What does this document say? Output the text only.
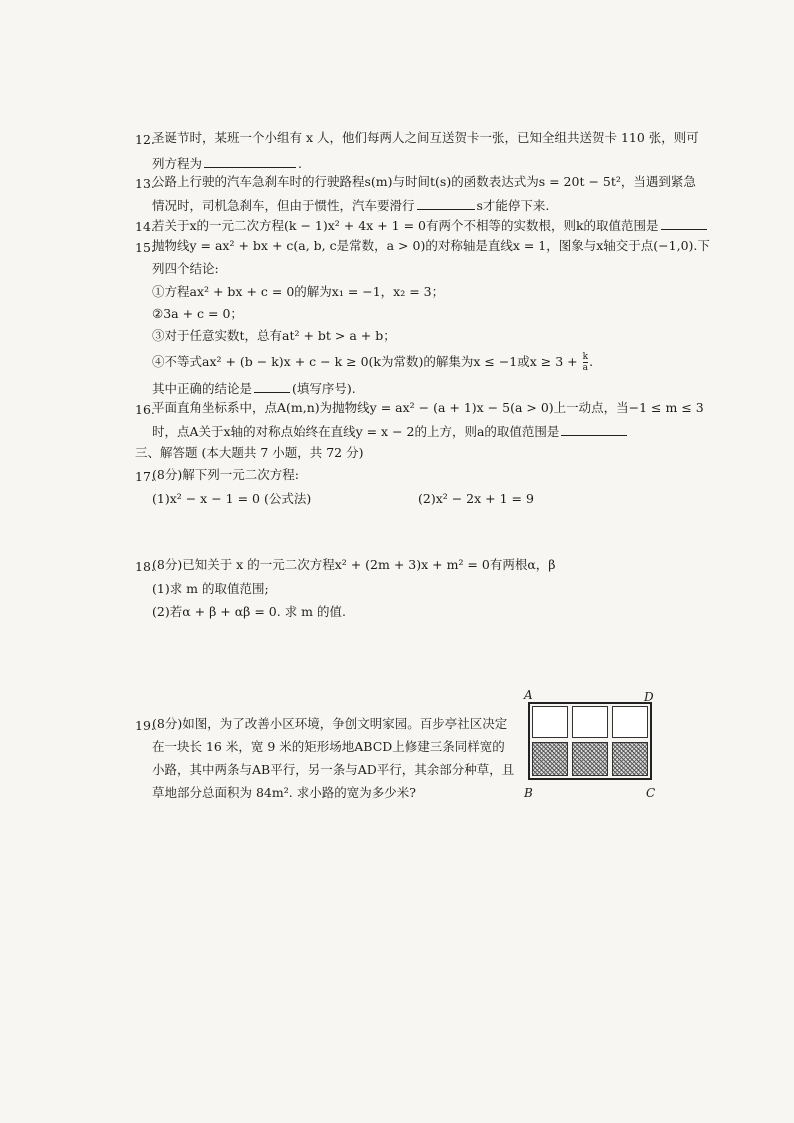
12.
圣诞节时，某班一个小组有 x 人，他们每两人之间互送贺卡一张，已知全组共送贺卡 110 张，则可
列方程为	.
13.
公路上行驶的汽车急刹车时的行驶路程s(m)与时间t(s)的函数表达式为s = 20t − 5t²，当遇到紧急
情况时，司机急刹车，但由于惯性，汽车要滑行	s才能停下来.
14.
若关于x的一元二次方程(k − 1)x² + 4x + 1 = 0有两个不相等的实数根，则k的取值范围是
15.
抛物线y = ax² + bx + c(a, b, c是常数，a > 0)的对称轴是直线x = 1，图象与x轴交于点(−1,0).下
列四个结论:
①方程ax² + bx + c = 0的解为x₁ = −1，x₂ = 3；
②3a + c = 0；
③对于任意实数t，总有at² + bt > a + b；
④不等式ax² + (b − k)x + c − k ≥ 0(k为常数)的解集为x ≤ −1或$x \ge 3 + \frac{k}{a}$ .
其中正确的结论是	(填写序号).
16.
平面直角坐标系中，点A(m,n)为抛物线y = ax² − (a + 1)x − 5(a > 0)上一动点，当−1 ≤ m ≤ 3
时，点A关于x轴的对称点始终在直线y = x − 2的上方，则a的取值范围是
三、解答题 (本大题共 7 小题，共 72 分)
17.
(8分)解下列一元二次方程:
(1)x² − x − 1 = 0 (公式法)	(2)x² − 2x + 1 = 9
18.
(8分)已知关于 x 的一元二次方程x² + (2m + 3)x + m² = 0有两根α，β
(1)求 m 的取值范围;
(2)若α + β + αβ = 0. 求 m 的值.
19.
(8分)如图，为了改善小区环境，争创文明家园。百步亭社区决定
在一块长 16 米，宽 9 米的矩形场地ABCD上修建三条同样宽的
小路，其中两条与AB平行，另一条与AD平行，其余部分种草，且
草地部分总面积为 84m². 求小路的宽为多少米?
A	D
B	C
